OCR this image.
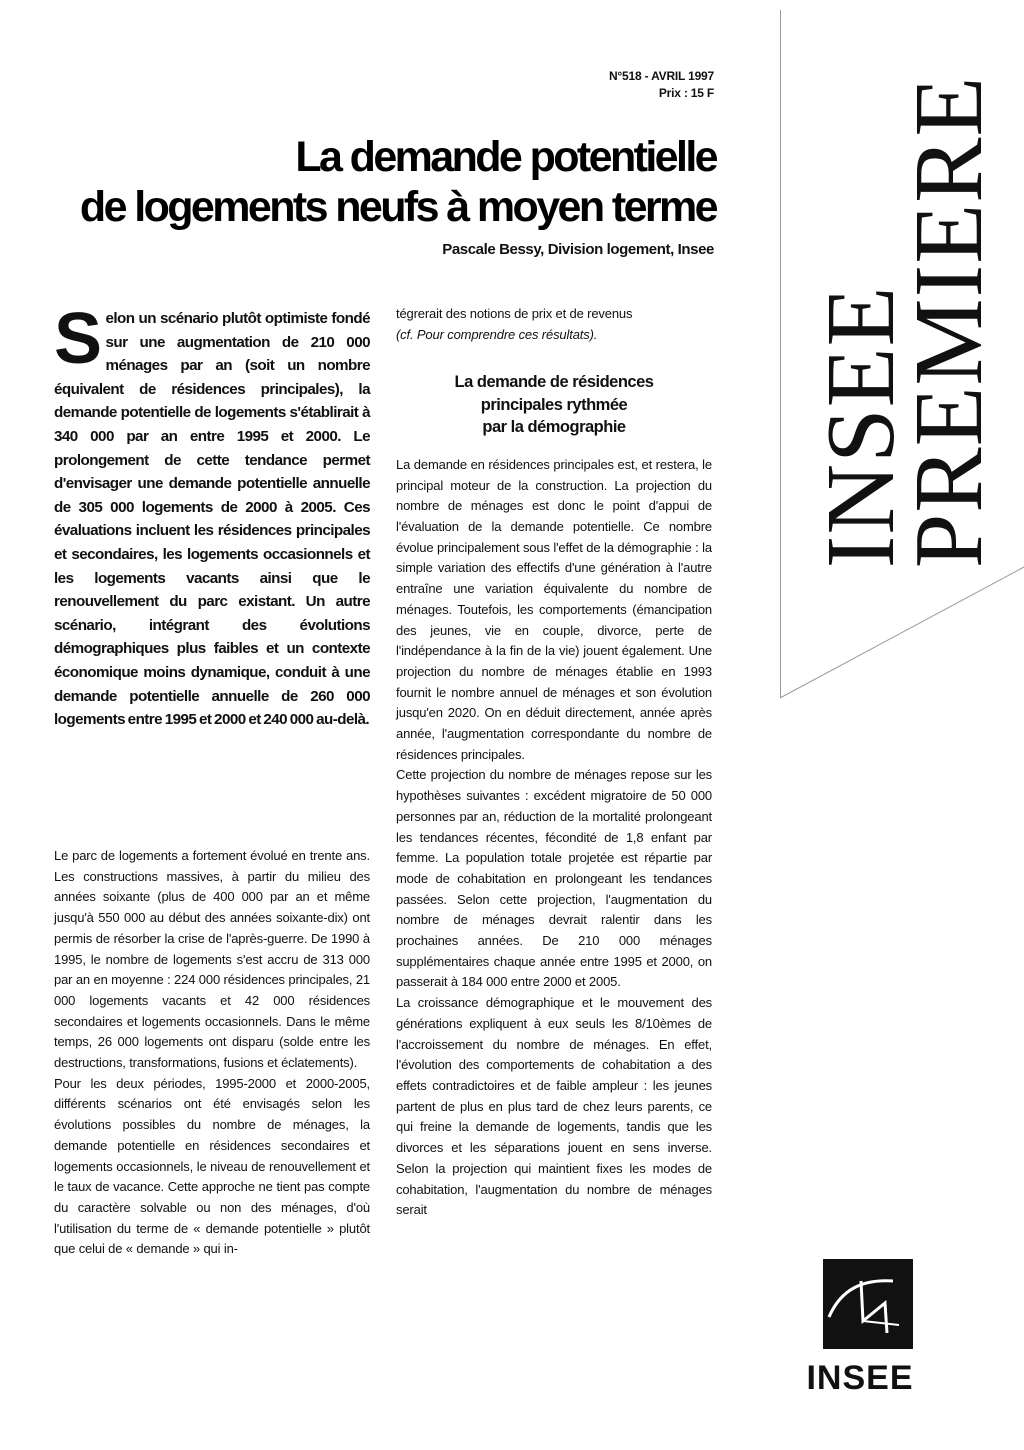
N°518 - AVRIL 1997
Prix : 15 F
La demande potentielle
de logements neufs à moyen terme
Pascale Bessy, Division logement, Insee
INSEE
PREMIERE
INSEE
Selon un scénario plutôt optimiste fondé sur une augmentation de 210 000 ménages par an (soit un nombre équivalent de résidences principales), la demande potentielle de logements s'établirait à 340 000 par an entre 1995 et 2000. Le prolongement de cette tendance permet d'envisager une demande potentielle annuelle de 305 000 logements de 2000 à 2005. Ces évaluations incluent les résidences principales et secondaires, les logements occasionnels et les logements vacants ainsi que le renouvellement du parc existant. Un autre scénario, intégrant des évolutions démographiques plus faibles et un contexte économique moins dynamique, conduit à une demande potentielle annuelle de 260 000 logements entre 1995 et 2000 et 240 000 au-delà.

Le parc de logements a fortement évolué en trente ans. Les constructions massives, à partir du milieu des années soixante (plus de 400 000 par an et même jusqu'à 550 000 au début des années soixante-dix) ont permis de résorber la crise de l'après-guerre. De 1990 à 1995, le nombre de logements s'est accru de 313 000 par an en moyenne : 224 000 résidences principales, 21 000 logements vacants et 42 000 résidences secondaires et logements occasionnels. Dans le même temps, 26 000 logements ont disparu (solde entre les destructions, transformations, fusions et éclatements).

Pour les deux périodes, 1995-2000 et 2000-2005, différents scénarios ont été envisagés selon les évolutions possibles du nombre de ménages, la demande potentielle en résidences secondaires et logements occasionnels, le niveau de renouvellement et le taux de vacance. Cette approche ne tient pas compte du caractère solvable ou non des ménages, d'où l'utilisation du terme de « demande potentielle » plutôt que celui de « demande » qui in-

tégrerait des notions de prix et de revenus

(cf. Pour comprendre ces résultats).

La demande de résidences
principales rythmée
par la démographie

La demande en résidences principales est, et restera, le principal moteur de la construction. La projection du nombre de ménages est donc le point d'appui de l'évaluation de la demande potentielle. Ce nombre évolue principalement sous l'effet de la démographie : la simple variation des effectifs d'une génération à l'autre entraîne une variation équivalente du nombre de ménages. Toutefois, les comportements (émancipation des jeunes, vie en couple, divorce, perte de l'indépendance à la fin de la vie) jouent également. Une projection du nombre de ménages établie en 1993 fournit le nombre annuel de ménages et son évolution jusqu'en 2020. On en déduit directement, année après année, l'augmentation correspondante du nombre de résidences principales.

Cette projection du nombre de ménages repose sur les hypothèses suivantes : excédent migratoire de 50 000 personnes par an, réduction de la mortalité prolongeant les tendances récentes, fécondité de 1,8 enfant par femme. La population totale projetée est répartie par mode de cohabitation en prolongeant les tendances passées. Selon cette projection, l'augmentation du nombre de ménages devrait ralentir dans les prochaines années. De 210 000 ménages supplémentaires chaque année entre 1995 et 2000, on passerait à 184 000 entre 2000 et 2005.

La croissance démographique et le mouvement des générations expliquent à eux seuls les 8/10èmes de l'accroissement du nombre de ménages. En effet, l'évolution des comportements de cohabitation a des effets contradictoires et de faible ampleur : les jeunes partent de plus en plus tard de chez leurs parents, ce qui freine la demande de logements, tandis que les divorces et les séparations jouent en sens inverse. Selon la projection qui maintient fixes les modes de cohabitation, l'augmentation du nombre de ménages serait
